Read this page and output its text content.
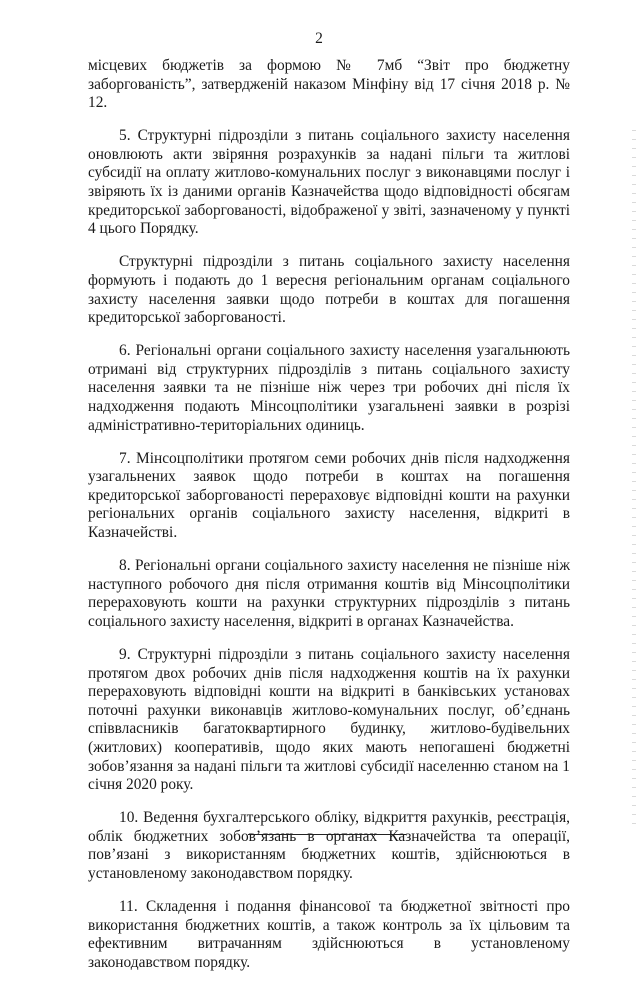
2

місцевих бюджетів за формою № 7мб “Звіт про бюджетну заборгованість”, затвердженій наказом Мінфіну від 17 січня 2018 р. № 12.

5. Структурні підрозділи з питань соціального захисту населення оновлюють акти звіряння розрахунків за надані пільги та житлові субсидії на оплату житлово-комунальних послуг з виконавцями послуг і звіряють їх із даними органів Казначейства щодо відповідності обсягам кредиторської заборгованості, відображеної у звіті, зазначеному у пункті 4 цього Порядку.

Структурні підрозділи з питань соціального захисту населення формують і подають до 1 вересня регіональним органам соціального захисту населення заявки щодо потреби в коштах для погашення кредиторської заборгованості.

6. Регіональні органи соціального захисту населення узагальнюють отримані від структурних підрозділів з питань соціального захисту населення заявки та не пізніше ніж через три робочих дні після їх надходження подають Мінсоцполітики узагальнені заявки в розрізі адміністративно-територіальних одиниць.

7. Мінсоцполітики протягом семи робочих днів після надходження узагальнених заявок щодо потреби в коштах на погашення кредиторської заборгованості перераховує відповідні кошти на рахунки регіональних органів соціального захисту населення, відкриті в Казначействі.

8. Регіональні органи соціального захисту населення не пізніше ніж наступного робочого дня після отримання коштів від Мінсоцполітики перераховують кошти на рахунки структурних підрозділів з питань соціального захисту населення, відкриті в органах Казначейства.

9. Структурні підрозділи з питань соціального захисту населення протягом двох робочих днів після надходження коштів на їх рахунки перераховують відповідні кошти на відкриті в банківських установах поточні рахунки виконавців житлово-комунальних послуг, об’єднань співвласників багатоквартирного будинку, житлово-будівельних (житлових) кооперативів, щодо яких мають непогашені бюджетні зобов’язання за надані пільги та житлові субсидії населенню станом на 1 січня 2020 року.

10. Ведення бухгалтерського обліку, відкриття рахунків, реєстрація, облік бюджетних зобов’язань в органах Казначейства та операції, пов’язані з використанням бюджетних коштів, здійснюються в установленому законодавством порядку.

11. Складення і подання фінансової та бюджетної звітності про використання бюджетних коштів, а також контроль за їх цільовим та ефективним витрачанням здійснюються в установленому законодавством порядку.
